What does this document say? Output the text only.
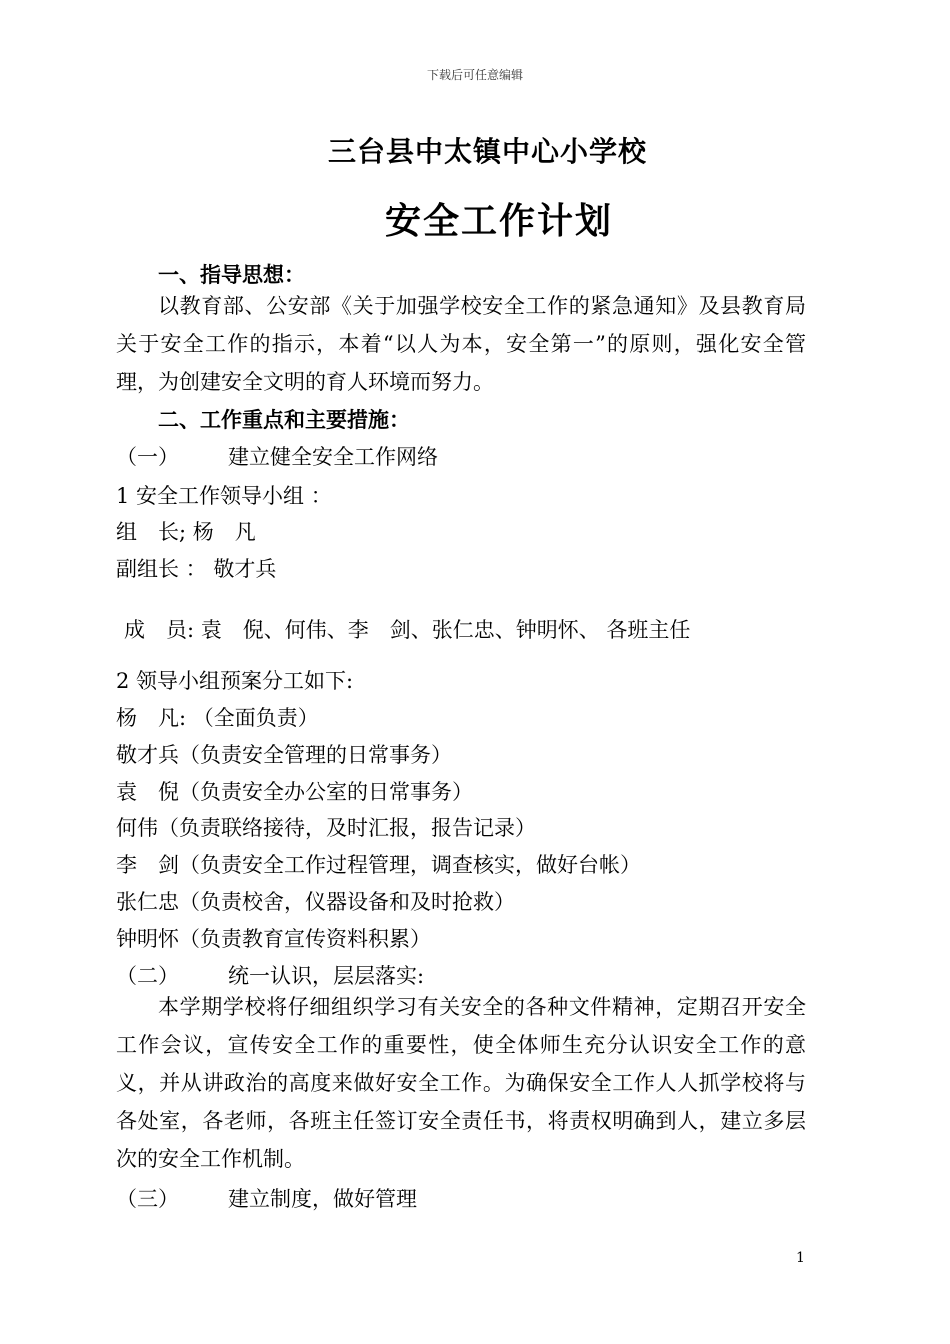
下载后可任意编辑
三台县中太镇中心小学校
安全工作计划
一、指导思想：
以教育部、公安部《关于加强学校安全工作的紧急通知》及县教育局关于安全工作的指示，本着“以人为本，安全第一”的原则，强化安全管理，为创建安全文明的育人环境而努力。
二、工作重点和主要措施：
（一） 建立健全安全工作网络
1 安全工作领导小组 ：
组　长; 杨　凡
副组长 ： 敬才兵
成　员: 袁　倪、何伟、李　剑、张仁忠、钟明怀、 各班主任
2 领导小组预案分工如下:
杨　凡: （全面负责）
敬才兵（负责安全管理的日常事务）
袁　倪（负责安全办公室的日常事务）
何伟（负责联络接待，及时汇报，报告记录）
李　剑（负责安全工作过程管理，调查核实，做好台帐）
张仁忠（负责校舍，仪器设备和及时抢救）
钟明怀（负责教育宣传资料积累）
（二） 统一认识，层层落实:
本学期学校将仔细组织学习有关安全的各种文件精神，定期召开安全工作会议，宣传安全工作的重要性，使全体师生充分认识安全工作的意义，并从讲政治的高度来做好安全工作。为确保安全工作人人抓学校将与各处室，各老师，各班主任签订安全责任书，将责权明确到人，建立多层次的安全工作机制。
（三） 建立制度，做好管理
1
